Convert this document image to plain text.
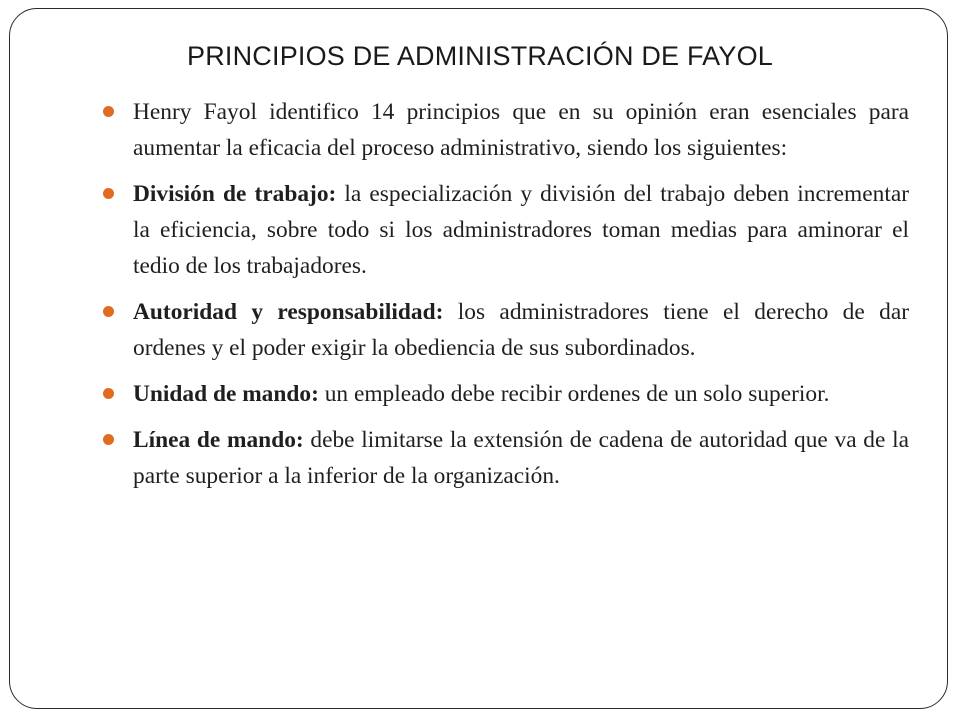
PRINCIPIOS DE ADMINISTRACIÓN DE FAYOL
Henry Fayol identifico 14 principios que en su opinión eran esenciales para aumentar la eficacia del proceso administrativo, siendo los siguientes:
División de trabajo: la especialización y división del trabajo deben incrementar la eficiencia, sobre todo si los administradores toman medias para aminorar el tedio de los trabajadores.
Autoridad y responsabilidad: los administradores tiene el derecho de dar ordenes y el poder exigir la obediencia de sus subordinados.
Unidad de mando: un empleado debe recibir ordenes de un solo superior.
Línea de mando: debe limitarse la extensión de cadena de autoridad que va de la parte superior a la inferior de la organización.
